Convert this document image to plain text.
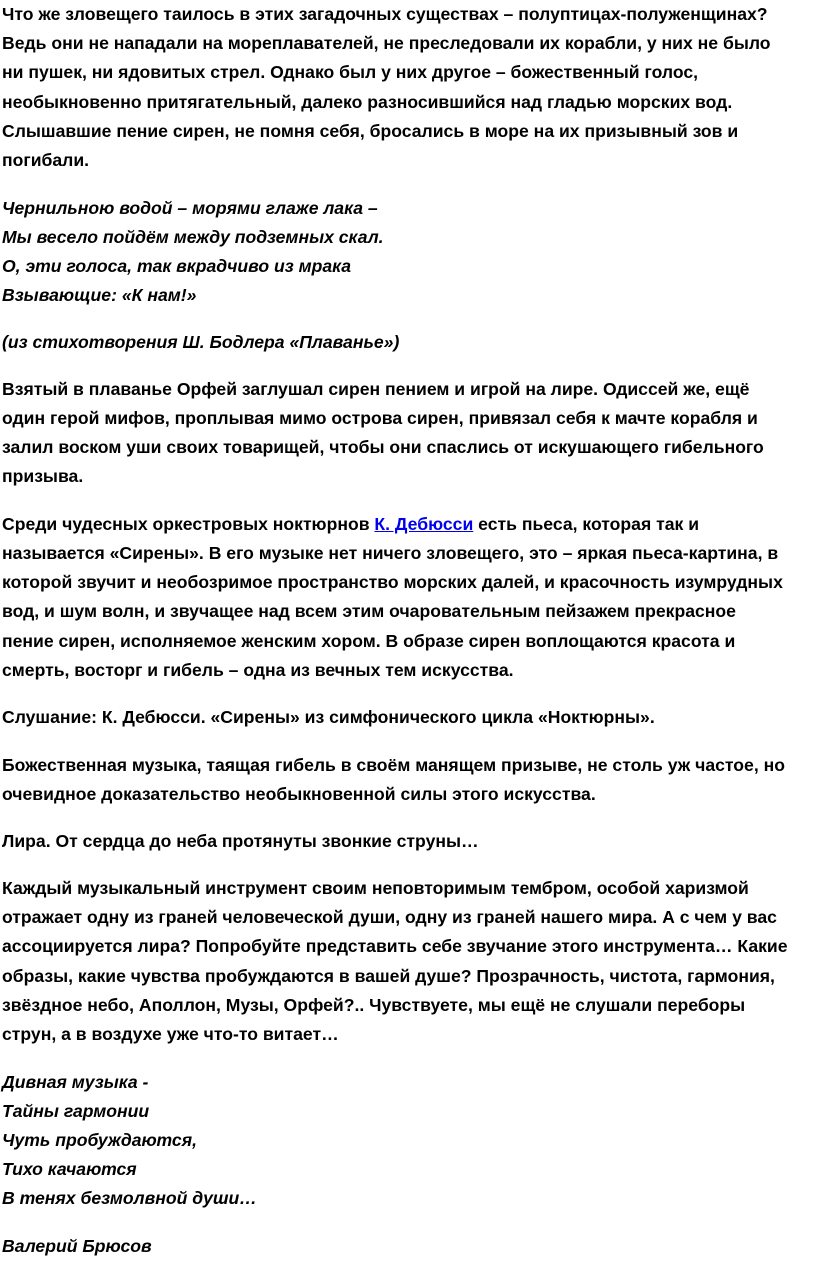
Что же зловещего таилось в этих загадочных существах – полуптицах-полуженщинах?
Ведь они не нападали на мореплавателей, не преследовали их корабли, у них не было
ни пушек, ни ядовитых стрел. Однако был у них другое – божественный голос,
необыкновенно притягательный, далеко разносившийся над гладью морских вод.
Слышавшие пение сирен, не помня себя, бросались в море на их призывный зов и
погибали.
Чернильною водой – морями глаже лака –
Мы весело пойдём между подземных скал.
О, эти голоса, так вкрадчиво из мрака
Взывающие: «К нам!»
(из стихотворения Ш. Бодлера «Плаванье»)
Взятый в плаванье Орфей заглушал сирен пением и игрой на лире. Одиссей же, ещё
один герой мифов, проплывая мимо острова сирен, привязал себя к мачте корабля и
залил воском уши своих товарищей, чтобы они спаслись от искушающего гибельного
призыва.
Среди чудесных оркестровых ноктюрнов К. Дебюсси есть пьеса, которая так и
называется «Сирены». В его музыке нет ничего зловещего, это – яркая пьеса-картина, в
которой звучит и необозримое пространство морских далей, и красочность изумрудных
вод, и шум волн, и звучащее над всем этим очаровательным пейзажем прекрасное
пение сирен, исполняемое женским хором. В образе сирен воплощаются красота и
смерть, восторг и гибель – одна из вечных тем искусства.
Слушание: К. Дебюсси. «Сирены» из симфонического цикла «Ноктюрны».
Божественная музыка, таящая гибель в своём манящем призыве, не столь уж частое, но
очевидное доказательство необыкновенной силы этого искусства.
Лира. От сердца до неба протянуты звонкие струны…
Каждый музыкальный инструмент своим неповторимым тембром, особой харизмой
отражает одну из граней человеческой души, одну из граней нашего мира. А с чем у вас
ассоциируется лира? Попробуйте представить себе звучание этого инструмента… Какие
образы, какие чувства пробуждаются в вашей душе? Прозрачность, чистота, гармония,
звёздное небо, Аполлон, Музы, Орфей?.. Чувствуете, мы ещё не слушали переборы
струн, а в воздухе уже что-то витает…
Дивная музыка -
Тайны гармонии
Чуть пробуждаются,
Тихо качаются
В тенях безмолвной души…
Валерий Брюсов
